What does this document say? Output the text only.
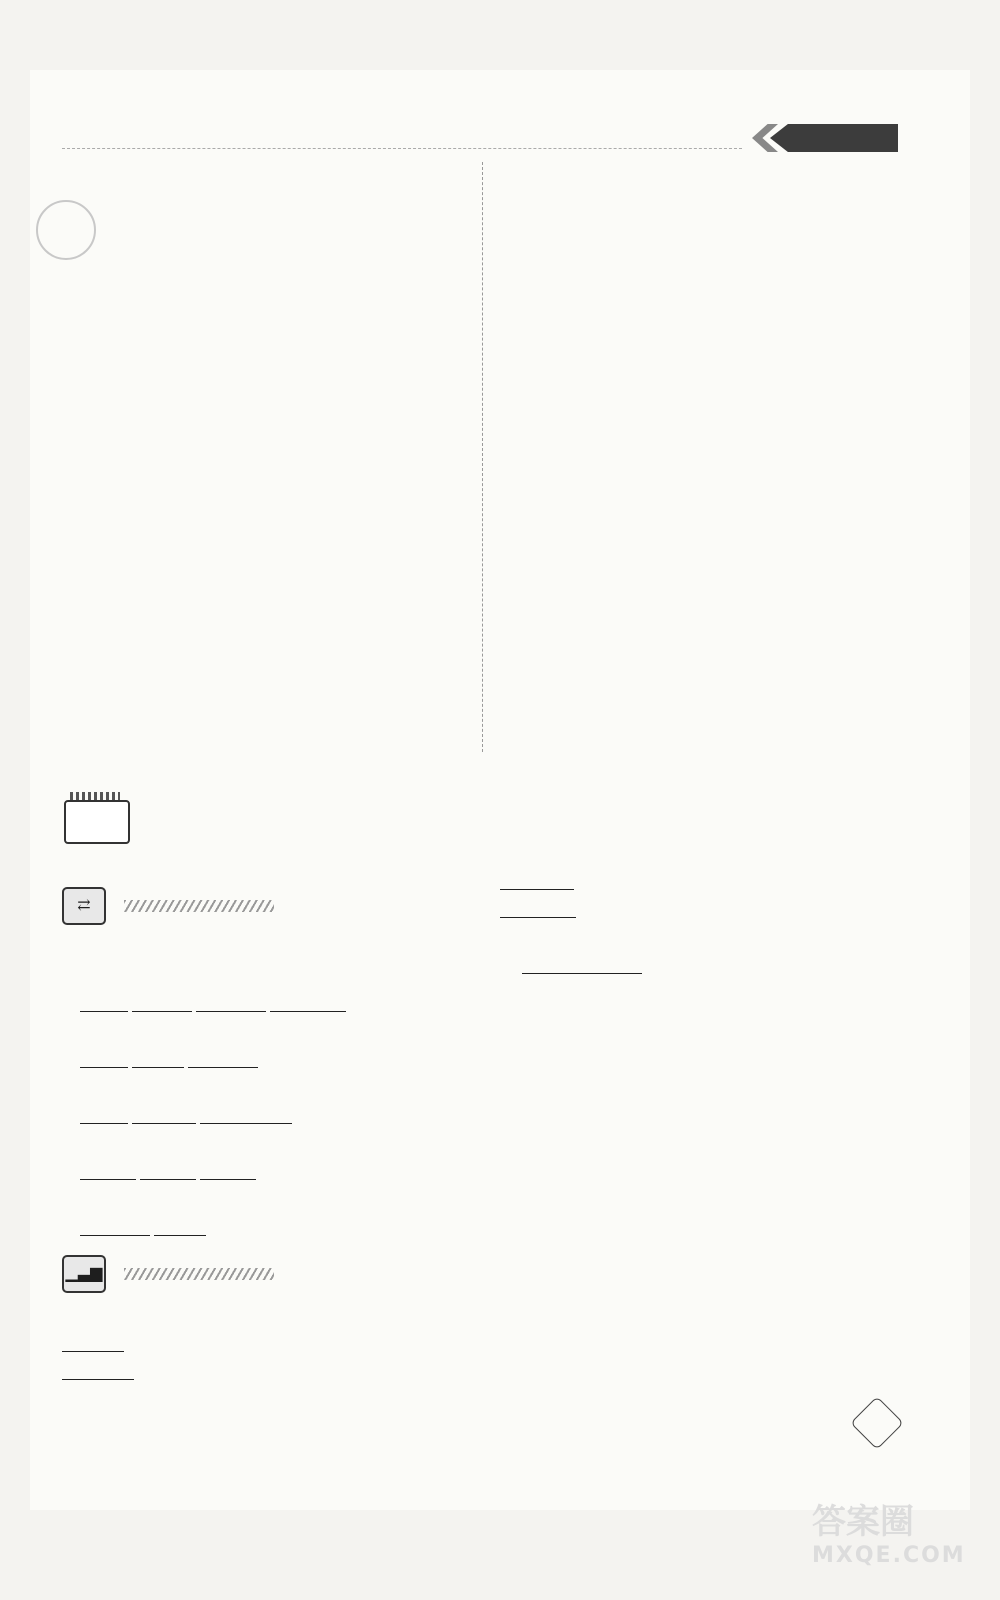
⇄

▁▃▆
答案圈
MXQE.COM
